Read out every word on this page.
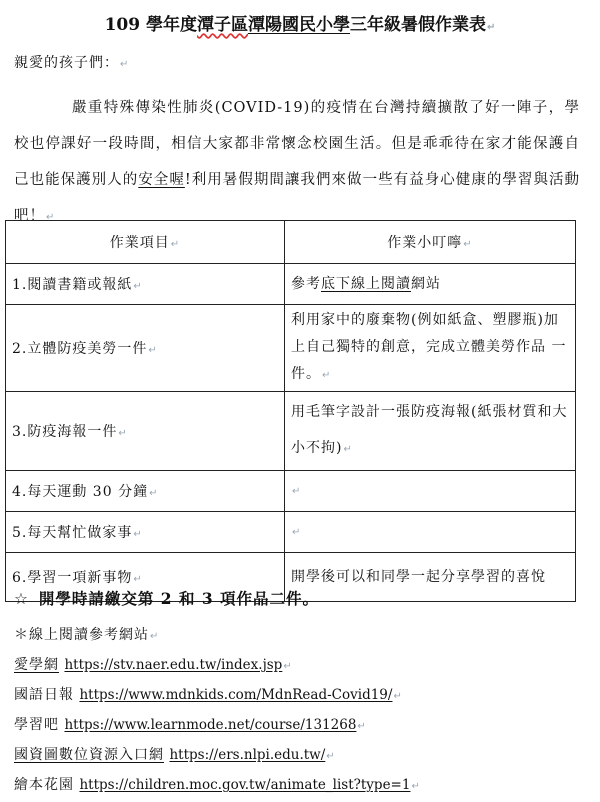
109 學年度潭子區潭陽國民小學三年級暑假作業表↵
親愛的孩子們：↵
嚴重特殊傳染性肺炎(COVID-19)的疫情在台灣持續擴散了好一陣子，學校也停課好一段時間，相信大家都非常懷念校園生活。但是乖乖待在家才能保護自己也能保護別人的安全喔!利用暑假期間讓我們來做一些有益身心健康的學習與活動吧！↵
作業項目↵	作業小叮嚀↵
1.閱讀書籍或報紙↵	參考底下線上閱讀網站
2.立體防疫美勞一件↵	利用家中的廢棄物(例如紙盒、塑膠瓶)加上自己獨特的創意，完成立體美勞作品 一件。↵
3.防疫海報一件↵	用毛筆字設計一張防疫海報(紙張材質和大小不拘)↵
4.每天運動 30 分鐘↵	↵
5.每天幫忙做家事↵	↵
6.學習一項新事物↵	開學後可以和同學一起分享學習的喜悅
☆ 開學時請繳交第 2 和 3 項作品二件。
＊線上閱讀參考網站↵
愛學網 https://stv.naer.edu.tw/index.jsp↵
國語日報 https://www.mdnkids.com/MdnRead-Covid19/↵
學習吧 https://www.learnmode.net/course/131268↵
國資圖數位資源入口網 https://ers.nlpi.edu.tw/↵
繪本花園 https://children.moc.gov.tw/animate_list?type=1↵
